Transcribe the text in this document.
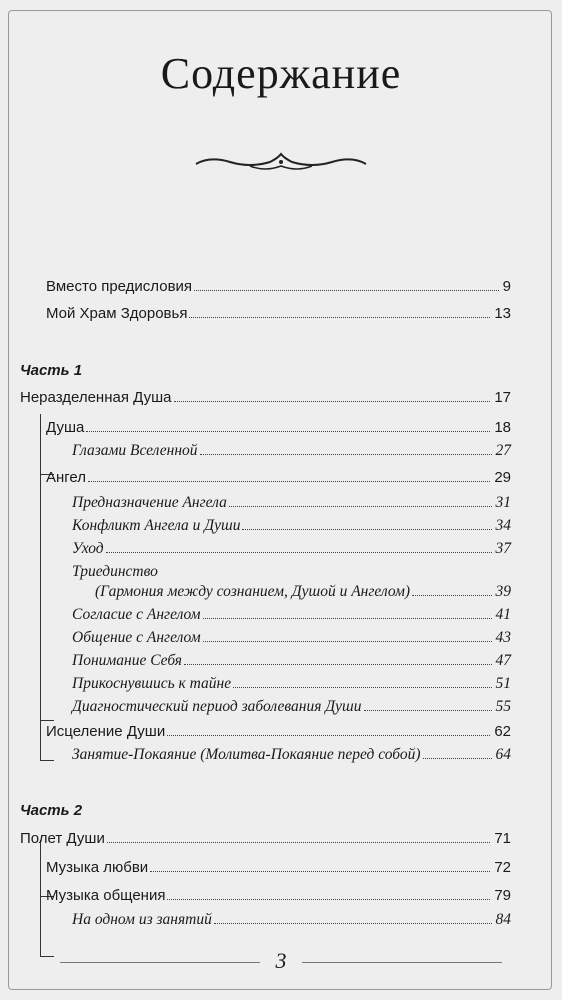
Содержание
Вместо предисловия	9
Мой Храм Здоровья	13
Часть 1
Неразделенная Душа	17
Душа	18
Глазами Вселенной	27
Ангел	29
Предназначение Ангела	31
Конфликт Ангела и Души	34
Уход	37
Триединство
(Гармония между сознанием, Душой и Ангелом)	39
Согласие с Ангелом	41
Общение с Ангелом	43
Понимание Себя	47
Прикоснувшись к тайне	51
Диагностический период заболевания Души	55
Исцеление Души	62
Занятие-Покаяние (Молитва-Покаяние перед собой)	64
Часть 2
Полет Души	71
Музыка любви	72
Музыка общения	79
На одном из занятий	84
3
